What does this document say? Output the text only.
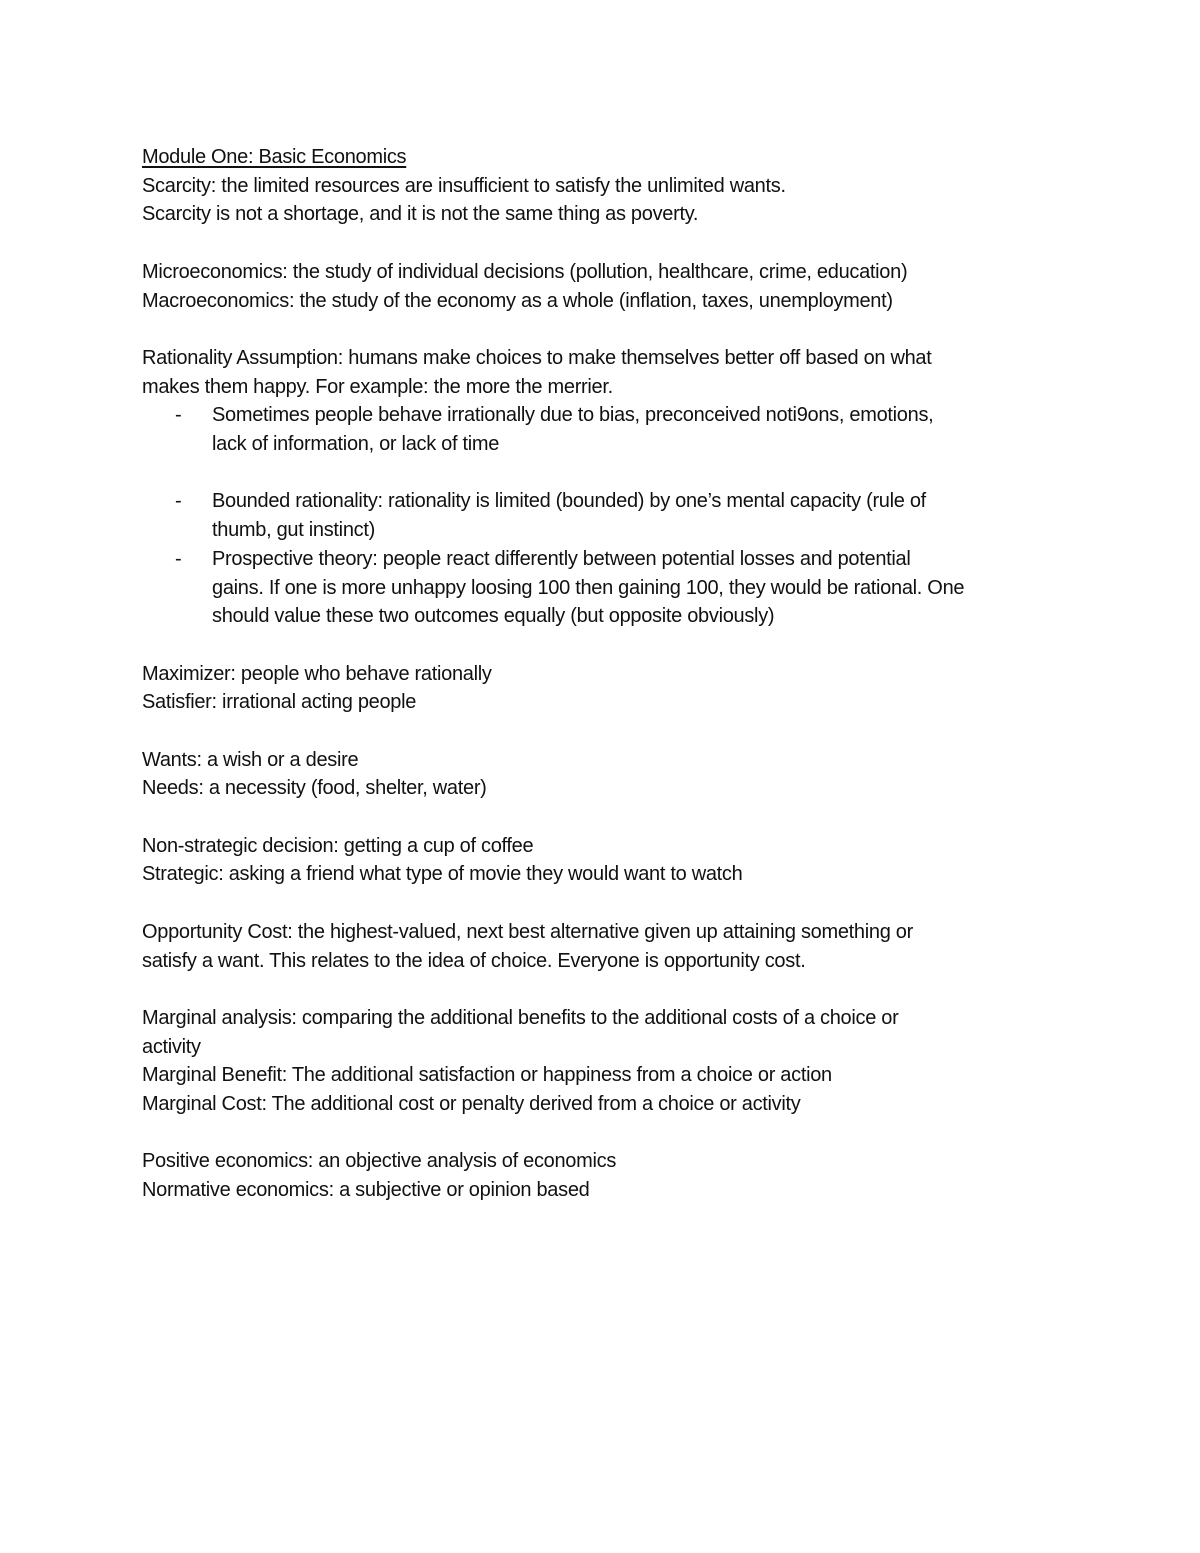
Module One: Basic Economics
Scarcity: the limited resources are insufficient to satisfy the unlimited wants.
Scarcity is not a shortage, and it is not the same thing as poverty.
Microeconomics: the study of individual decisions (pollution, healthcare, crime, education)
Macroeconomics: the study of the economy as a whole (inflation, taxes, unemployment)
Rationality Assumption: humans make choices to make themselves better off based on what
makes them happy. For example: the more the merrier.
- Sometimes people behave irrationally due to bias, preconceived noti9ons, emotions,
lack of information, or lack of time
- Bounded rationality: rationality is limited (bounded) by one’s mental capacity (rule of
thumb, gut instinct)
- Prospective theory: people react differently between potential losses and potential
gains. If one is more unhappy loosing 100 then gaining 100, they would be rational. One
should value these two outcomes equally (but opposite obviously)
Maximizer: people who behave rationally
Satisfier: irrational acting people
Wants: a wish or a desire
Needs: a necessity (food, shelter, water)
Non-strategic decision: getting a cup of coffee
Strategic: asking a friend what type of movie they would want to watch
Opportunity Cost: the highest-valued, next best alternative given up attaining something or
satisfy a want. This relates to the idea of choice. Everyone is opportunity cost.
Marginal analysis: comparing the additional benefits to the additional costs of a choice or
activity
Marginal Benefit: The additional satisfaction or happiness from a choice or action
Marginal Cost: The additional cost or penalty derived from a choice or activity
Positive economics: an objective analysis of economics
Normative economics: a subjective or opinion based
